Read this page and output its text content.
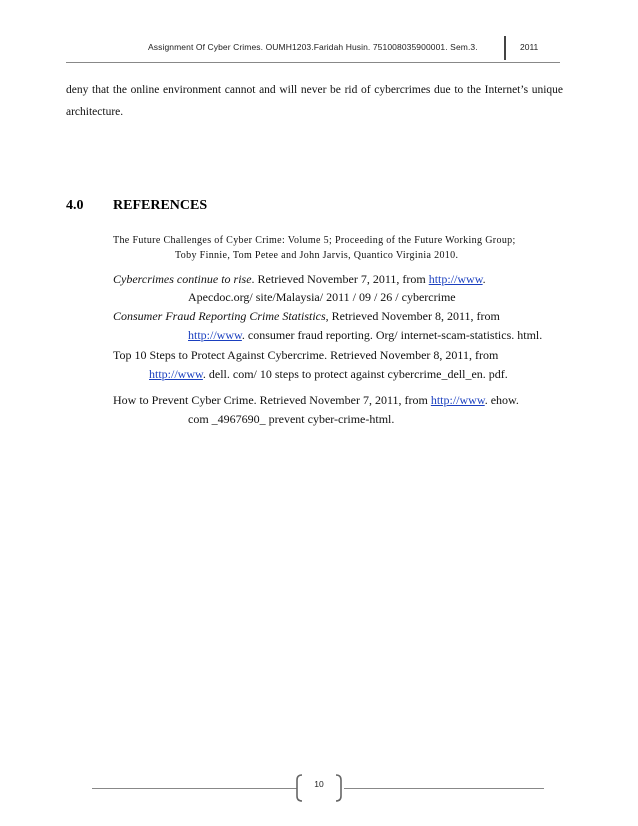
Assignment Of Cyber Crimes. OUMH1203.Faridah Husin. 751008035900001. Sem.3.	2011
deny that the online environment cannot and will never be rid of cybercrimes due to the Internet’s unique architecture.
4.0 REFERENCES
The Future Challenges of Cyber Crime: Volume 5; Proceeding of the Future Working Group;
Toby Finnie, Tom Petee and John Jarvis, Quantico Virginia 2010.
Cybercrimes continue to rise. Retrieved November 7, 2011, from http://www.
Apecdoc.org/ site/Malaysia/ 2011 / 09 / 26 / cybercrime
Consumer Fraud Reporting Crime Statistics, Retrieved November 8, 2011, from
http://www. consumer fraud reporting. Org/ internet-scam-statistics. html.
Top 10 Steps to Protect Against Cybercrime. Retrieved November 8, 2011, from
http://www. dell. com/ 10 steps to protect against cybercrime_dell_en. pdf.
How to Prevent Cyber Crime. Retrieved November 7, 2011, from http://www. ehow.
com _4967690_ prevent cyber-crime-html.
10
